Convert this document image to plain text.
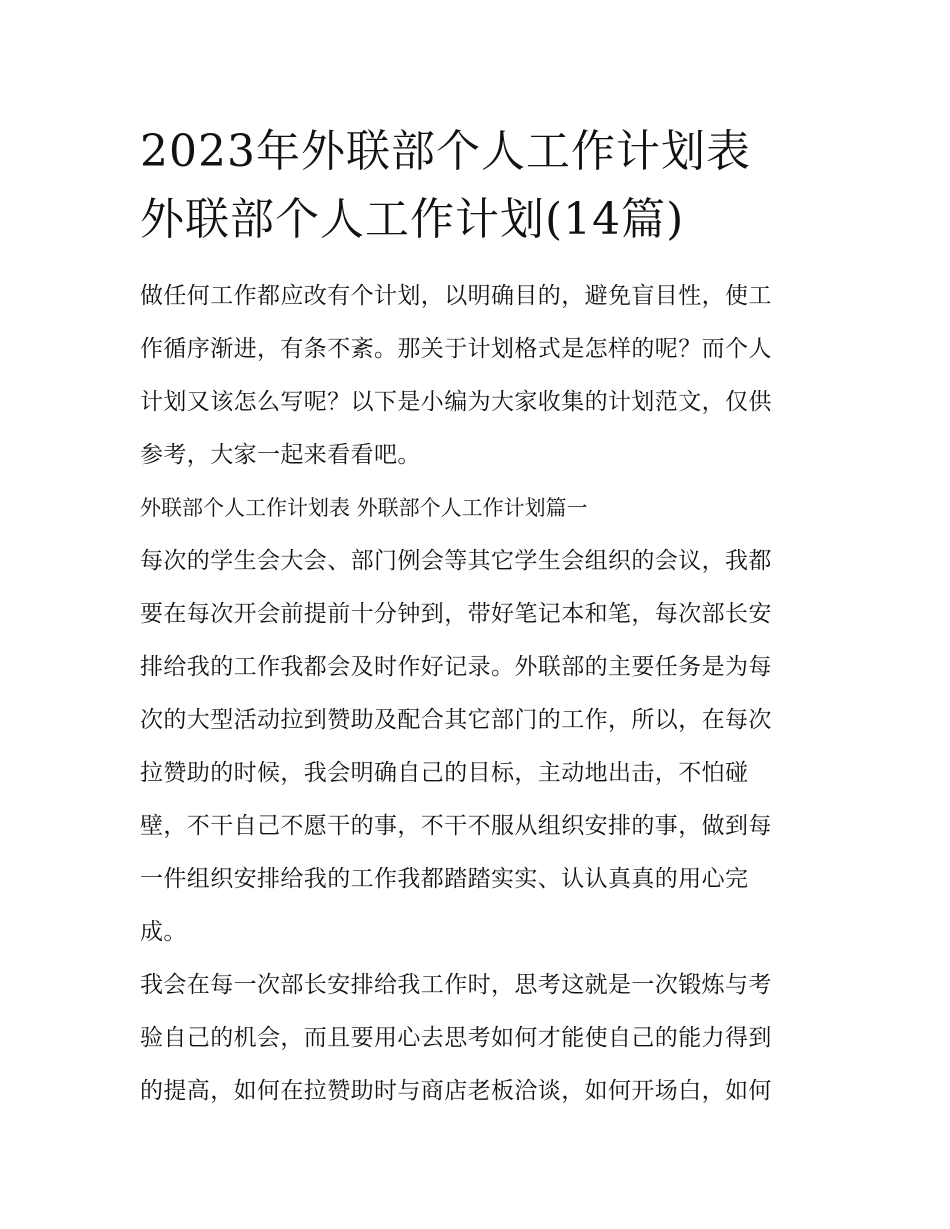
2023年外联部个人工作计划表
外联部个人工作计划(14篇)

做任何工作都应改有个计划，以明确目的，避免盲目性，使工
作循序渐进，有条不紊。那关于计划格式是怎样的呢？而个人
计划又该怎么写呢？以下是小编为大家收集的计划范文，仅供
参考，大家一起来看看吧。

外联部个人工作计划表 外联部个人工作计划篇一

每次的学生会大会、部门例会等其它学生会组织的会议，我都
要在每次开会前提前十分钟到，带好笔记本和笔，每次部长安
排给我的工作我都会及时作好记录。外联部的主要任务是为每
次的大型活动拉到赞助及配合其它部门的工作，所以，在每次
拉赞助的时候，我会明确自己的目标，主动地出击，不怕碰
壁，不干自己不愿干的事，不干不服从组织安排的事，做到每
一件组织安排给我的工作我都踏踏实实、认认真真的用心完
成。

我会在每一次部长安排给我工作时，思考这就是一次锻炼与考
验自己的机会，而且要用心去思考如何才能使自己的能力得到
的提高，如何在拉赞助时与商店老板洽谈，如何开场白，如何
